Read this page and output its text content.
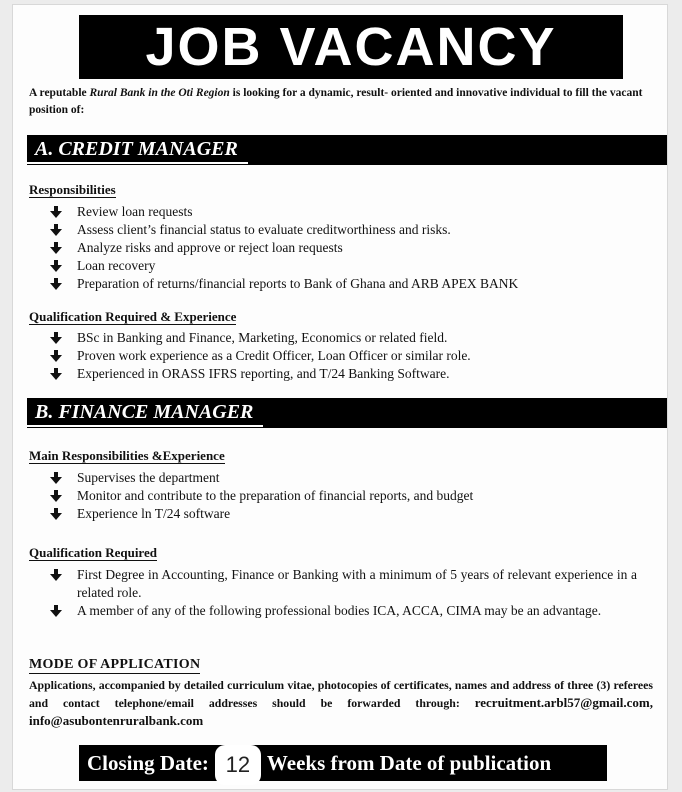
JOB VACANCY
A reputable Rural Bank in the Oti Region is looking for a dynamic, result- oriented and innovative individual to fill the vacant position of:
A. CREDIT MANAGER
Responsibilities
Review loan requests
Assess client’s financial status to evaluate creditworthiness and risks.
Analyze risks and approve or reject loan requests
Loan recovery
Preparation of returns/financial reports to Bank of Ghana and ARB APEX BANK
Qualification Required & Experience
BSc in Banking and Finance, Marketing, Economics or related field.
Proven work experience as a Credit Officer, Loan Officer or similar role.
Experienced in ORASS IFRS reporting, and T/24 Banking Software.
B. FINANCE MANAGER
Main Responsibilities &Experience
Supervises the department
Monitor and contribute to the preparation of financial reports, and budget
Experience ln T/24 software
Qualification Required
First Degree in Accounting, Finance or Banking with a minimum of 5 years of relevant experience in a related role.
A member of any of the following professional bodies ICA, ACCA, CIMA may be an advantage.
MODE OF APPLICATION
Applications, accompanied by detailed curriculum vitae, photocopies of certificates, names and address of three (3) referees and contact telephone/email addresses should be forwarded through: recruitment.arbl57@gmail.com, info@asubontenruralbank.com
Closing Date: 12 Weeks from Date of publication
